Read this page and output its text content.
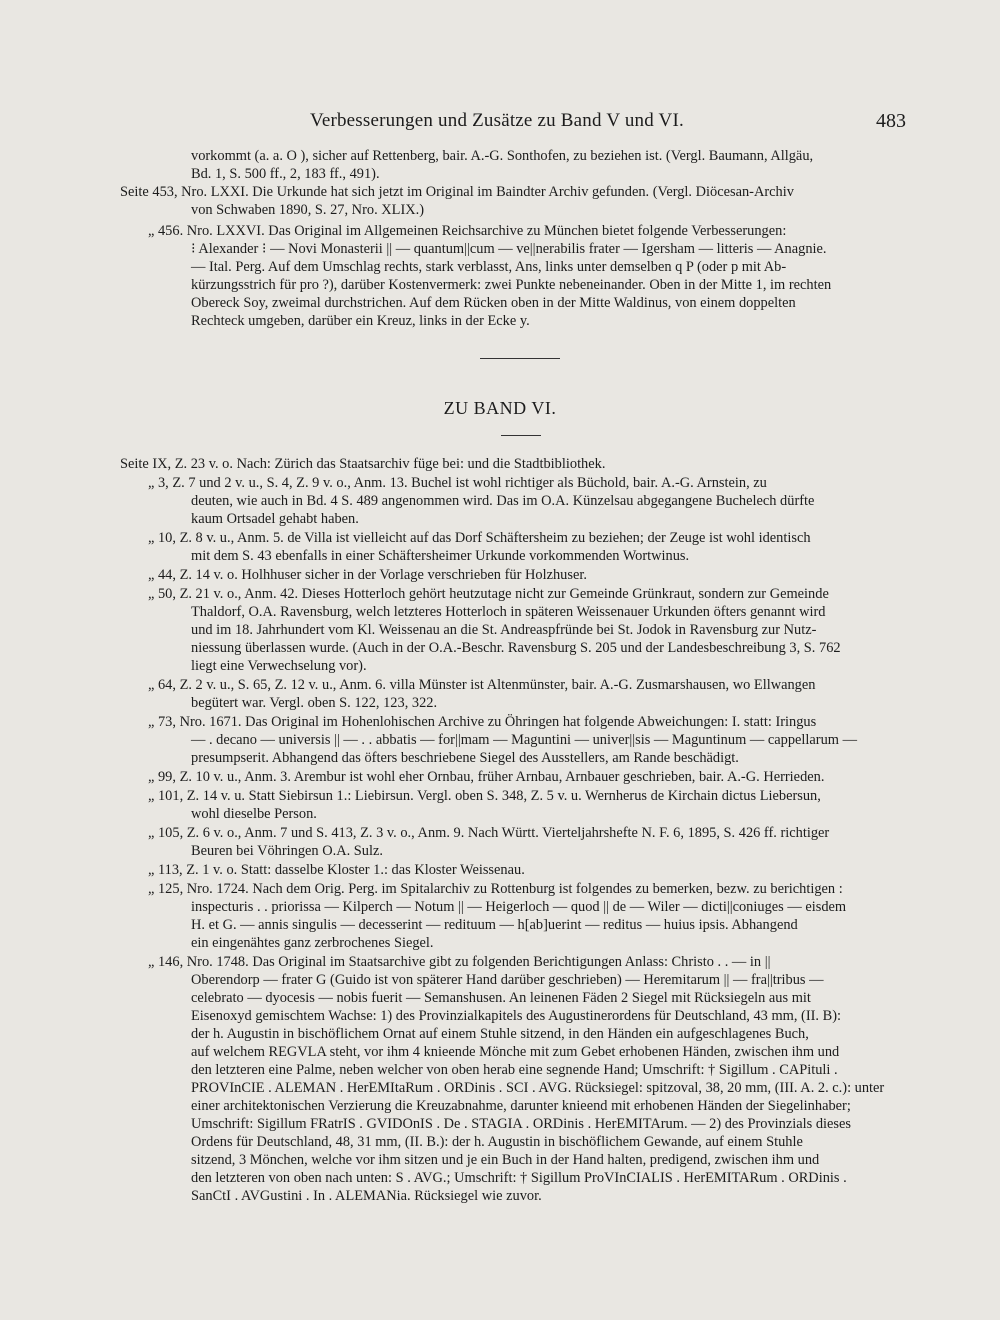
Verbesserungen und Zusätze zu Band V und VI.	483
vorkommt (a. a. O ), sicher auf Rettenberg, bair. A.-G. Sonthofen, zu beziehen ist. (Vergl. Baumann, Allgäu,
Bd. 1, S. 500 ff., 2, 183 ff., 491).
Seite 453, Nro. LXXI. Die Urkunde hat sich jetzt im Original im Baindter Archiv gefunden. (Vergl. Diöcesan-Archiv
von Schwaben 1890, S. 27, Nro. XLIX.)
„ 456. Nro. LXXVI. Das Original im Allgemeinen Reichsarchive zu München bietet folgende Verbesserungen:
⁝ Alexander ⁝ — Novi Monasterii || — quantum||cum — ve||nerabilis frater — Igersham — litteris — Anagnie.
— Ital. Perg. Auf dem Umschlag rechts, stark verblasst, Ans, links unter demselben q P (oder p mit Ab-
kürzungsstrich für pro ?), darüber Kostenvermerk: zwei Punkte nebeneinander. Oben in der Mitte 1, im rechten
Obereck Soy, zweimal durchstrichen. Auf dem Rücken oben in der Mitte Waldinus, von einem doppelten
Rechteck umgeben, darüber ein Kreuz, links in der Ecke y.
ZU BAND VI.
Seite IX, Z. 23 v. o. Nach: Zürich das Staatsarchiv füge bei: und die Stadtbibliothek.
„ 3, Z. 7 und 2 v. u., S. 4, Z. 9 v. o., Anm. 13. Buchel ist wohl richtiger als Büchold, bair. A.-G. Arnstein, zu
deuten, wie auch in Bd. 4 S. 489 angenommen wird. Das im O.A. Künzelsau abgegangene Buchelech dürfte
kaum Ortsadel gehabt haben.
„ 10, Z. 8 v. u., Anm. 5. de Villa ist vielleicht auf das Dorf Schäftersheim zu beziehen; der Zeuge ist wohl identisch
mit dem S. 43 ebenfalls in einer Schäftersheimer Urkunde vorkommenden Wortwinus.
„ 44, Z. 14 v. o. Holhhuser sicher in der Vorlage verschrieben für Holzhuser.
„ 50, Z. 21 v. o., Anm. 42. Dieses Hotterloch gehört heutzutage nicht zur Gemeinde Grünkraut, sondern zur Gemeinde
Thaldorf, O.A. Ravensburg, welch letzteres Hotterloch in späteren Weissenauer Urkunden öfters genannt wird
und im 18. Jahrhundert vom Kl. Weissenau an die St. Andreaspfründe bei St. Jodok in Ravensburg zur Nutz-
niessung überlassen wurde. (Auch in der O.A.-Beschr. Ravensburg S. 205 und der Landesbeschreibung 3, S. 762
liegt eine Verwechselung vor).
„ 64, Z. 2 v. u., S. 65, Z. 12 v. u., Anm. 6. villa Münster ist Altenmünster, bair. A.-G. Zusmarshausen, wo Ellwangen
begütert war. Vergl. oben S. 122, 123, 322.
„ 73, Nro. 1671. Das Original im Hohenlohischen Archive zu Öhringen hat folgende Abweichungen: I. statt: Iringus
— . decano — universis || — . . abbatis — for||mam — Maguntini — univer||sis — Maguntinum — cappellarum —
presumpserit. Abhangend das öfters beschriebene Siegel des Ausstellers, am Rande beschädigt.
„ 99, Z. 10 v. u., Anm. 3. Arembur ist wohl eher Ornbau, früher Arnbau, Arnbauer geschrieben, bair. A.-G. Herrieden.
„ 101, Z. 14 v. u. Statt Siebirsun 1.: Liebirsun. Vergl. oben S. 348, Z. 5 v. u. Wernherus de Kirchain dictus Liebersun,
wohl dieselbe Person.
„ 105, Z. 6 v. o., Anm. 7 und S. 413, Z. 3 v. o., Anm. 9. Nach Württ. Vierteljahrshefte N. F. 6, 1895, S. 426 ff. richtiger
Beuren bei Vöhringen O.A. Sulz.
„ 113, Z. 1 v. o. Statt: dasselbe Kloster 1.: das Kloster Weissenau.
„ 125, Nro. 1724. Nach dem Orig. Perg. im Spitalarchiv zu Rottenburg ist folgendes zu bemerken, bezw. zu berichtigen :
inspecturis . . priorissa — Kilperch — Notum || — Heigerloch — quod || de — Wiler — dicti||coniuges — eisdem
H. et G. — annis singulis — decesserint — redituum — h[ab]uerint — reditus — huius ipsis. Abhangend
ein eingenähtes ganz zerbrochenes Siegel.
„ 146, Nro. 1748. Das Original im Staatsarchive gibt zu folgenden Berichtigungen Anlass: Christo . . — in ||
Oberendorp — frater G (Guido ist von späterer Hand darüber geschrieben) — Heremitarum || — fra||tribus —
celebrato — dyocesis — nobis fuerit — Semanshusen. An leinenen Fäden 2 Siegel mit Rücksiegeln aus mit
Eisenoxyd gemischtem Wachse: 1) des Provinzialkapitels des Augustinerordens für Deutschland, 43 mm, (II. B):
der h. Augustin in bischöflichem Ornat auf einem Stuhle sitzend, in den Händen ein aufgeschlagenes Buch,
auf welchem REGVLA steht, vor ihm 4 knieende Mönche mit zum Gebet erhobenen Händen, zwischen ihm und
den letzteren eine Palme, neben welcher von oben herab eine segnende Hand; Umschrift: † Sigillum . CAPituli .
PROVInCIE . ALEMAN . HerEMItaRum . ORDinis . SCI . AVG. Rücksiegel: spitzoval, 38, 20 mm, (III. A. 2. c.): unter
einer architektonischen Verzierung die Kreuzabnahme, darunter knieend mit erhobenen Händen der Siegelinhaber;
Umschrift: Sigillum FRatrIS . GVIDOnIS . De . STAGIA . ORDinis . HerEMITArum. — 2) des Provinzials dieses
Ordens für Deutschland, 48, 31 mm, (II. B.): der h. Augustin in bischöflichem Gewande, auf einem Stuhle
sitzend, 3 Mönchen, welche vor ihm sitzen und je ein Buch in der Hand halten, predigend, zwischen ihm und
den letzteren von oben nach unten: S . AVG.; Umschrift: † Sigillum ProVInCIALIS . HerEMITARum . ORDinis .
SanCtI . AVGustini . In . ALEMANia. Rücksiegel wie zuvor.
